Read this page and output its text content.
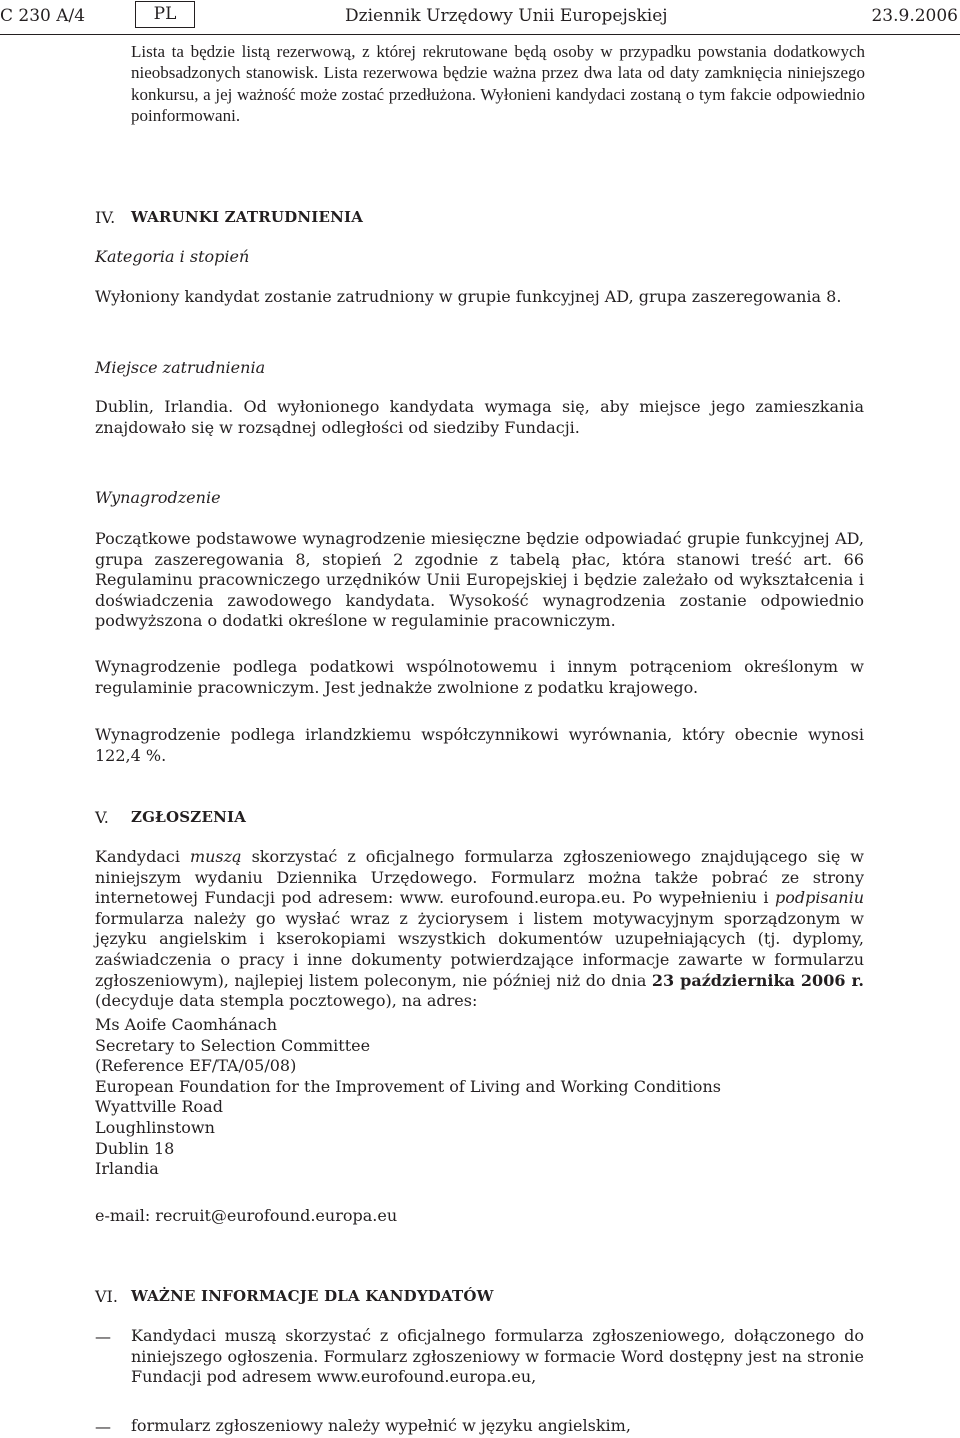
C 230 A/4	PL	Dziennik Urzędowy Unii Europejskiej	23.9.2006
Lista ta będzie listą rezerwową, z której rekrutowane będą osoby w przypadku powstania dodatkowych nieobsadzonych stanowisk. Lista rezerwowa będzie ważna przez dwa lata od daty zamknięcia niniejszego konkursu, a jej ważność może zostać przedłużona. Wyłonieni kandydaci zostaną o tym fakcie odpowiednio poinformowani.
IV. WARUNKI ZATRUDNIENIA
Kategoria i stopień
Wyłoniony kandydat zostanie zatrudniony w grupie funkcyjnej AD, grupa zaszeregowania 8.
Miejsce zatrudnienia
Dublin, Irlandia. Od wyłonionego kandydata wymaga się, aby miejsce jego zamieszkania znajdowało się w rozsądnej odległości od siedziby Fundacji.
Wynagrodzenie
Początkowe podstawowe wynagrodzenie miesięczne będzie odpowiadać grupie funkcyjnej AD, grupa zaszeregowania 8, stopień 2 zgodnie z tabelą płac, która stanowi treść art. 66 Regulaminu pracowniczego urzędników Unii Europejskiej i będzie zależało od wykształcenia i doświadczenia zawodowego kandydata. Wysokość wynagrodzenia zostanie odpowiednio podwyższona o dodatki określone w regulaminie pracowniczym.
Wynagrodzenie podlega podatkowi wspólnotowemu i innym potrąceniom określonym w regulaminie pracowniczym. Jest jednakże zwolnione z podatku krajowego.
Wynagrodzenie podlega irlandzkiemu współczynnikowi wyrównania, który obecnie wynosi 122,4 %.
V. ZGŁOSZENIA
Kandydaci muszą skorzystać z oficjalnego formularza zgłoszeniowego znajdującego się w niniejszym wydaniu Dziennika Urzędowego. Formularz można także pobrać ze strony internetowej Fundacji pod adresem: www. eurofound.europa.eu. Po wypełnieniu i podpisaniu formularza należy go wysłać wraz z życiorysem i listem motywacyjnym sporządzonym w języku angielskim i kserokopiami wszystkich dokumentów uzupełniających (tj. dyplomy, zaświadczenia o pracy i inne dokumenty potwierdzające informacje zawarte w formularzu zgłoszeniowym), najlepiej listem poleconym, nie później niż do dnia 23 października 2006 r. (decyduje data stempla pocztowego), na adres:
Ms Aoife Caomhánach
Secretary to Selection Committee
(Reference EF/TA/05/08)
European Foundation for the Improvement of Living and Working Conditions
Wyattville Road
Loughlinstown
Dublin 18
Irlandia
e-mail: recruit@eurofound.europa.eu
VI. WAŻNE INFORMACJE DLA KANDYDATÓW
— Kandydaci muszą skorzystać z oficjalnego formularza zgłoszeniowego, dołączonego do niniejszego ogłoszenia. Formularz zgłoszeniowy w formacie Word dostępny jest na stronie Fundacji pod adresem www.eurofound.europa.eu,
— formularz zgłoszeniowy należy wypełnić w języku angielskim,
